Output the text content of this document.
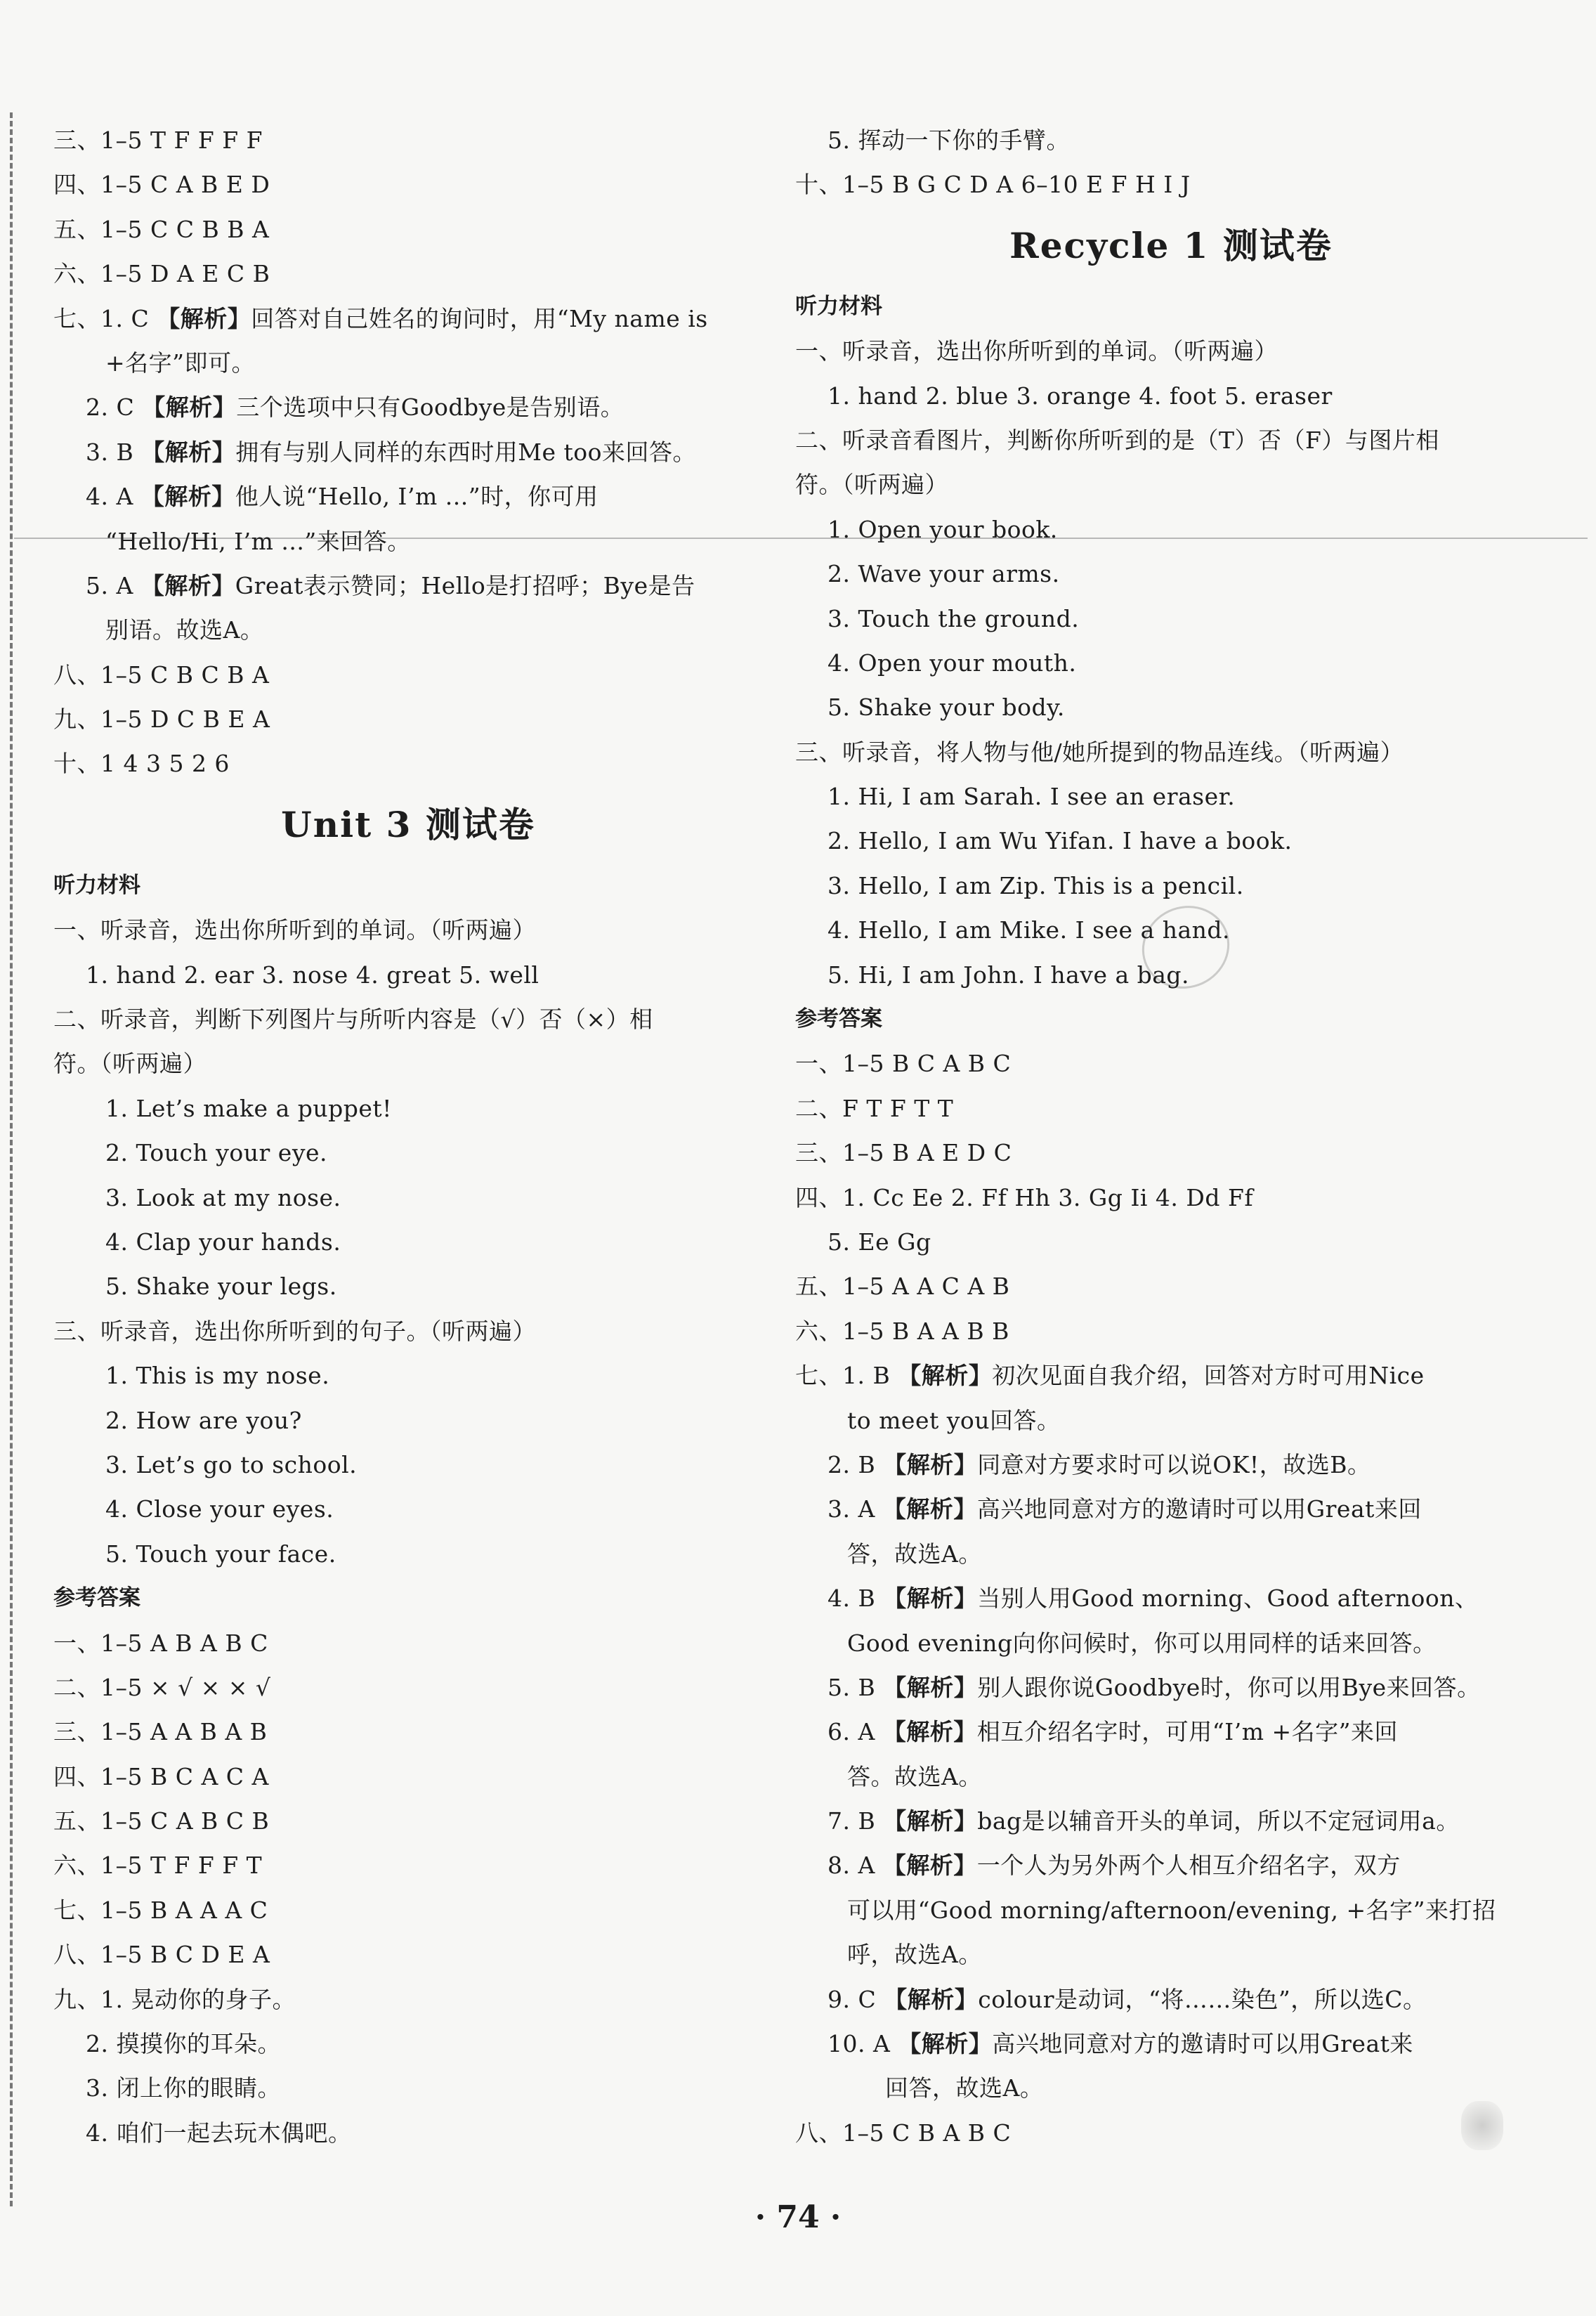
三、1–5 T F F F F
四、1–5 C A B E D
五、1–5 C C B B A
六、1–5 D A E C B
七、1. C 【解析】回答对自己姓名的询问时，用“My name is
+名字”即可。
2. C 【解析】三个选项中只有Goodbye是告别语。
3. B 【解析】拥有与别人同样的东西时用Me too来回答。
4. A 【解析】他人说“Hello, I’m ...”时，你可用
“Hello/Hi, I’m ...”来回答。
5. A 【解析】Great表示赞同；Hello是打招呼；Bye是告
别语。故选A。
八、1–5 C B C B A
九、1–5 D C B E A
十、1 4 3 5 2 6
Unit 3 测试卷
听力材料
一、听录音，选出你所听到的单词。（听两遍）
1. hand 2. ear 3. nose 4. great 5. well
二、听录音，判断下列图片与所听内容是（√）否（×）相
符。（听两遍）
1. Let’s make a puppet!
2. Touch your eye.
3. Look at my nose.
4. Clap your hands.
5. Shake your legs.
三、听录音，选出你所听到的句子。（听两遍）
1. This is my nose.
2. How are you?
3. Let’s go to school.
4. Close your eyes.
5. Touch your face.
参考答案
一、1–5 A B A B C
二、1–5 × √ × × √
三、1–5 A A B A B
四、1–5 B C A C A
五、1–5 C A B C B
六、1–5 T F F F T
七、1–5 B A A A C
八、1–5 B C D E A
九、1. 晃动你的身子。
2. 摸摸你的耳朵。
3. 闭上你的眼睛。
4. 咱们一起去玩木偶吧。
5. 挥动一下你的手臂。
十、1–5 B G C D A 6–10 E F H I J
Recycle 1 测试卷
听力材料
一、听录音，选出你所听到的单词。（听两遍）
1. hand 2. blue 3. orange 4. foot 5. eraser
二、听录音看图片，判断你所听到的是（T）否（F）与图片相
符。（听两遍）
1. Open your book.
2. Wave your arms.
3. Touch the ground.
4. Open your mouth.
5. Shake your body.
三、听录音，将人物与他/她所提到的物品连线。（听两遍）
1. Hi, I am Sarah. I see an eraser.
2. Hello, I am Wu Yifan. I have a book.
3. Hello, I am Zip. This is a pencil.
4. Hello, I am Mike. I see a hand.
5. Hi, I am John. I have a bag.
参考答案
一、1–5 B C A B C
二、F T F T T
三、1–5 B A E D C
四、1. Cc Ee 2. Ff Hh 3. Gg Ii 4. Dd Ff
5. Ee Gg
五、1–5 A A C A B
六、1–5 B A A B B
七、1. B 【解析】初次见面自我介绍，回答对方时可用Nice
to meet you回答。
2. B 【解析】同意对方要求时可以说OK!，故选B。
3. A 【解析】高兴地同意对方的邀请时可以用Great来回
答，故选A。
4. B 【解析】当别人用Good morning、Good afternoon、
Good evening向你问候时，你可以用同样的话来回答。
5. B 【解析】别人跟你说Goodbye时，你可以用Bye来回答。
6. A 【解析】相互介绍名字时，可用“I’m +名字”来回
答。故选A。
7. B 【解析】bag是以辅音开头的单词，所以不定冠词用a。
8. A 【解析】一个人为另外两个人相互介绍名字，双方
可以用“Good morning/afternoon/evening, +名字”来打招
呼，故选A。
9. C 【解析】colour是动词，“将……染色”，所以选C。
10. A 【解析】高兴地同意对方的邀请时可以用Great来
回答，故选A。
八、1–5 C B A B C
· 74 ·
